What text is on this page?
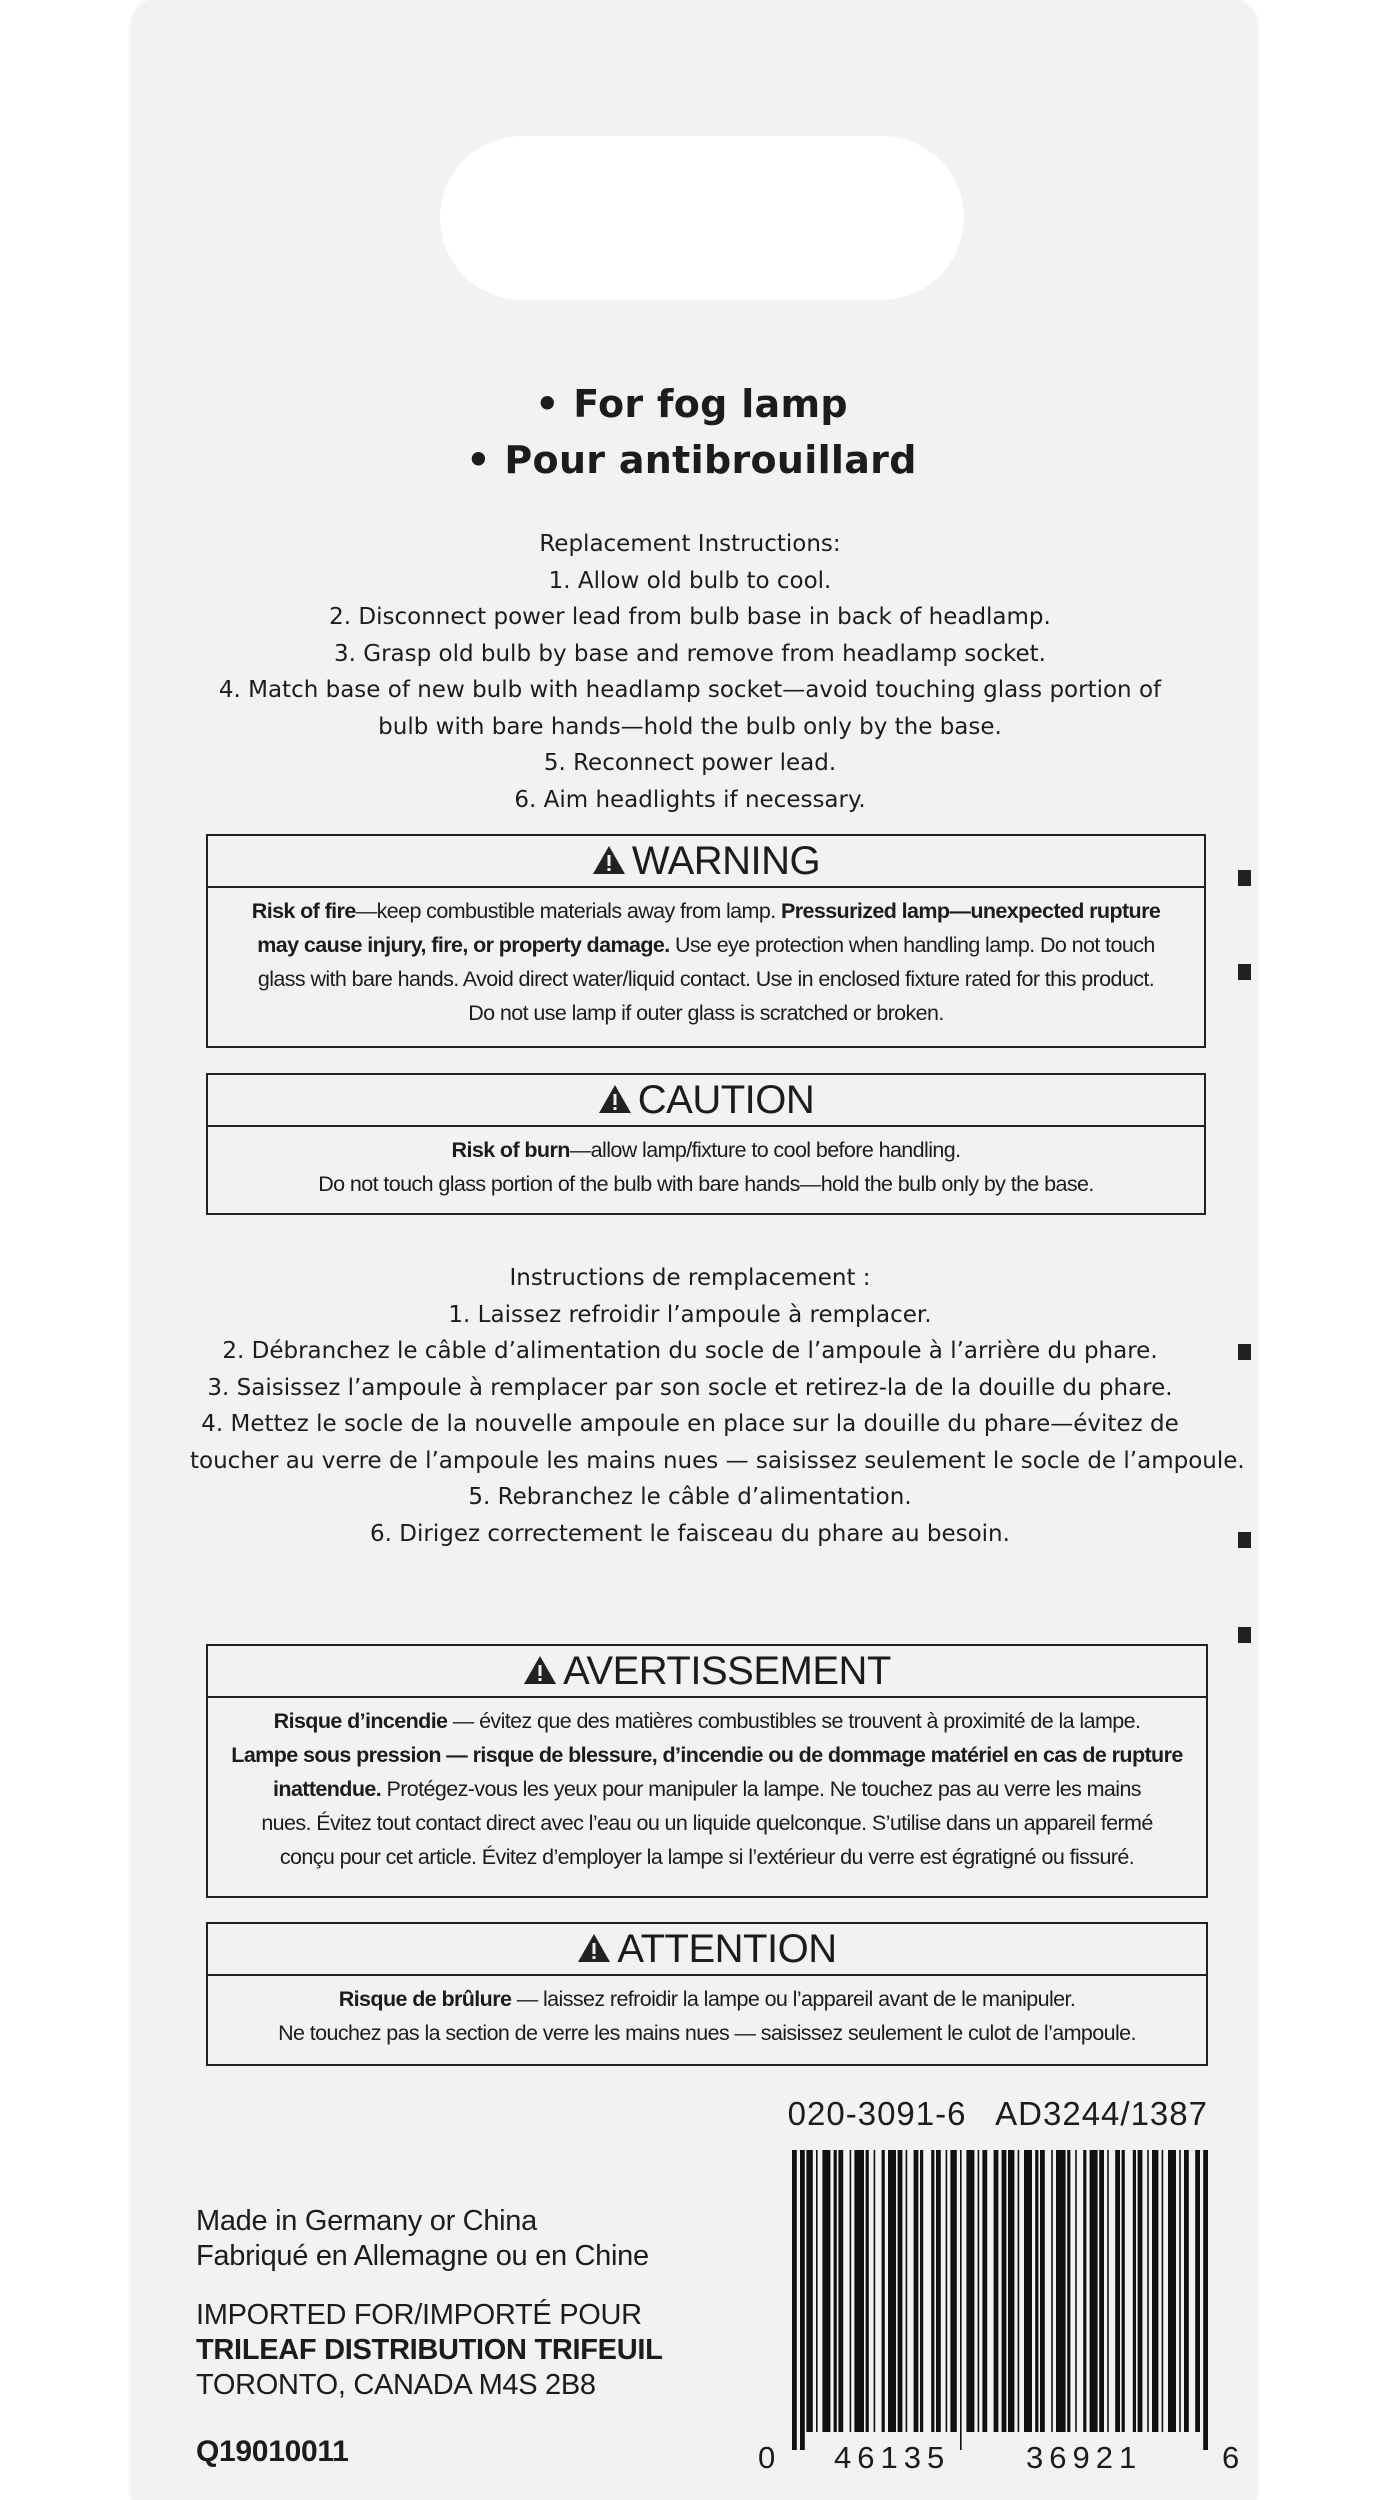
• For fog lamp
• Pour antibrouillard
Replacement Instructions:
1. Allow old bulb to cool.
2. Disconnect power lead from bulb base in back of headlamp.
3. Grasp old bulb by base and remove from headlamp socket.
4. Match base of new bulb with headlamp socket—avoid touching glass portion of
bulb with bare hands—hold the bulb only by the base.
5. Reconnect power lead.
6. Aim headlights if necessary.
WARNING
Risk of fire—keep combustible materials away from lamp. Pressurized lamp—unexpected rupture
may cause injury, fire, or property damage. Use eye protection when handling lamp. Do not touch
glass with bare hands. Avoid direct water/liquid contact. Use in enclosed fixture rated for this product.
Do not use lamp if outer glass is scratched or broken.
CAUTION
Risk of burn—allow lamp/fixture to cool before handling.
Do not touch glass portion of the bulb with bare hands—hold the bulb only by the base.
Instructions de remplacement :
1. Laissez refroidir l’ampoule à remplacer.
2. Débranchez le câble d’alimentation du socle de l’ampoule à l’arrière du phare.
3. Saisissez l’ampoule à remplacer par son socle et retirez-la de la douille du phare.
4. Mettez le socle de la nouvelle ampoule en place sur la douille du phare—évitez de
toucher au verre de l’ampoule les mains nues — saisissez seulement le socle de l’ampoule.
5. Rebranchez le câble d’alimentation.
6. Dirigez correctement le faisceau du phare au besoin.
AVERTISSEMENT
Risque d’incendie — évitez que des matières combustibles se trouvent à proximité de la lampe.
Lampe sous pression — risque de blessure, d’incendie ou de dommage matériel en cas de rupture
inattendue. Protégez-vous les yeux pour manipuler la lampe. Ne touchez pas au verre les mains
nues. Évitez tout contact direct avec l’eau ou un liquide quelconque. S’utilise dans un appareil fermé
conçu pour cet article. Évitez d’employer la lampe si l’extérieur du verre est égratigné ou fissuré.
ATTENTION
Risque de brûlure — laissez refroidir la lampe ou l’appareil avant de le manipuler.
Ne touchez pas la section de verre les mains nues — saisissez seulement le culot de l’ampoule.
020-3091-6   AD3244/1387
Made in Germany or China
Fabriqué en Allemagne ou en Chine
IMPORTED FOR/IMPORTÉ POUR
TRILEAF DISTRIBUTION TRIFEUIL
TORONTO, CANADA M4S 2B8
Q19010011	0 46135 36921	6
